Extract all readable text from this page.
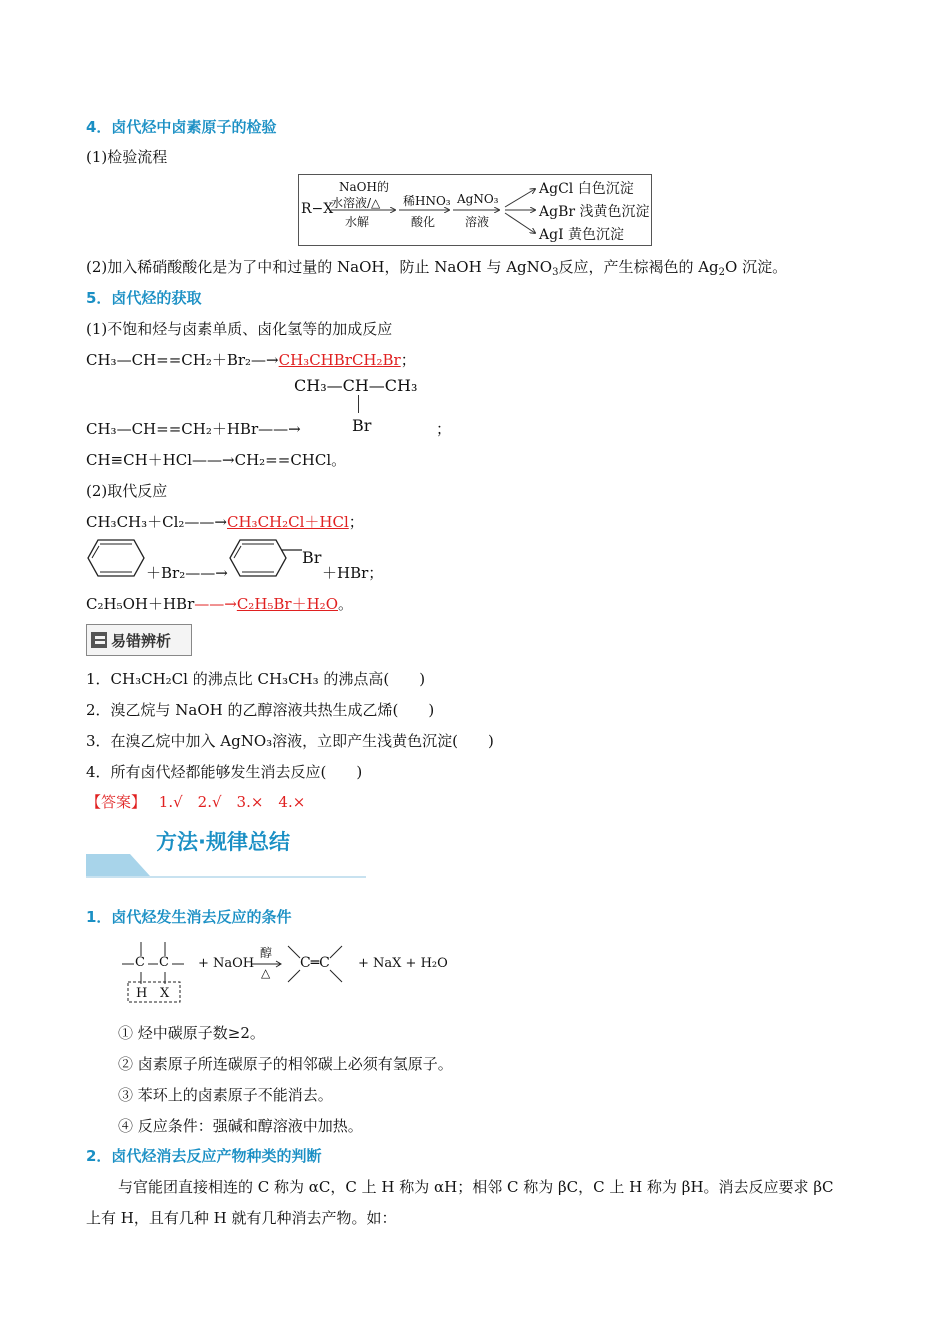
4．卤代烃中卤素原子的检验
(1)检验流程
R−X
NaOH的
水溶液/△
水解
稀HNO₃
酸化
AgNO₃
溶液
AgCl 白色沉淀
AgBr 浅黄色沉淀
AgI 黄色沉淀
(2)加入稀硝酸酸化是为了中和过量的 NaOH，防止 NaOH 与 AgNO$_3$反应，产生棕褐色的 $Ag_2O$ 沉淀。
5．卤代烃的获取
(1)不饱和烃与卤素单质、卤化氢等的加成反应
CH₃—CH==CH₂＋Br₂—→CH₃CHBrCH₂Br；
CH₃—CH—CH₃
Br
CH₃—CH==CH₂＋HBr——→	；
CH≡CH＋HCl——→CH₂==CHCl。
(2)取代反应
CH₃CH₃＋Cl₂——→CH₃CH₂Cl＋HCl；
＋Br₂——→
Br
＋HBr；
C₂H₅OH＋HBr——→C₂H₅Br＋H₂O。
易错辨析
1．CH₃CH₂Cl 的沸点比 CH₃CH₃ 的沸点高(　　)
2．溴乙烷与 NaOH 的乙醇溶液共热生成乙烯(　　)
3．在溴乙烷中加入 AgNO₃溶液，立即产生浅黄色沉淀(　　)
4．所有卤代烃都能够发生消去反应(　　)
【答案】 1.√　2.√　3.×　4.×
方法·规律总结
1．卤代烃发生消去反应的条件
C C
H X
+ NaOH
醇
△
C═C + NaX + H₂O
① 烃中碳原子数≥2。
② 卤素原子所连碳原子的相邻碳上必须有氢原子。
③ 苯环上的卤素原子不能消去。
④ 反应条件：强碱和醇溶液中加热。
2．卤代烃消去反应产物种类的判断
与官能团直接相连的 C 称为 αC，C 上 H 称为 αH；相邻 C 称为 βC，C 上 H 称为 βH。消去反应要求 βC
上有 H，且有几种 H 就有几种消去产物。如：
